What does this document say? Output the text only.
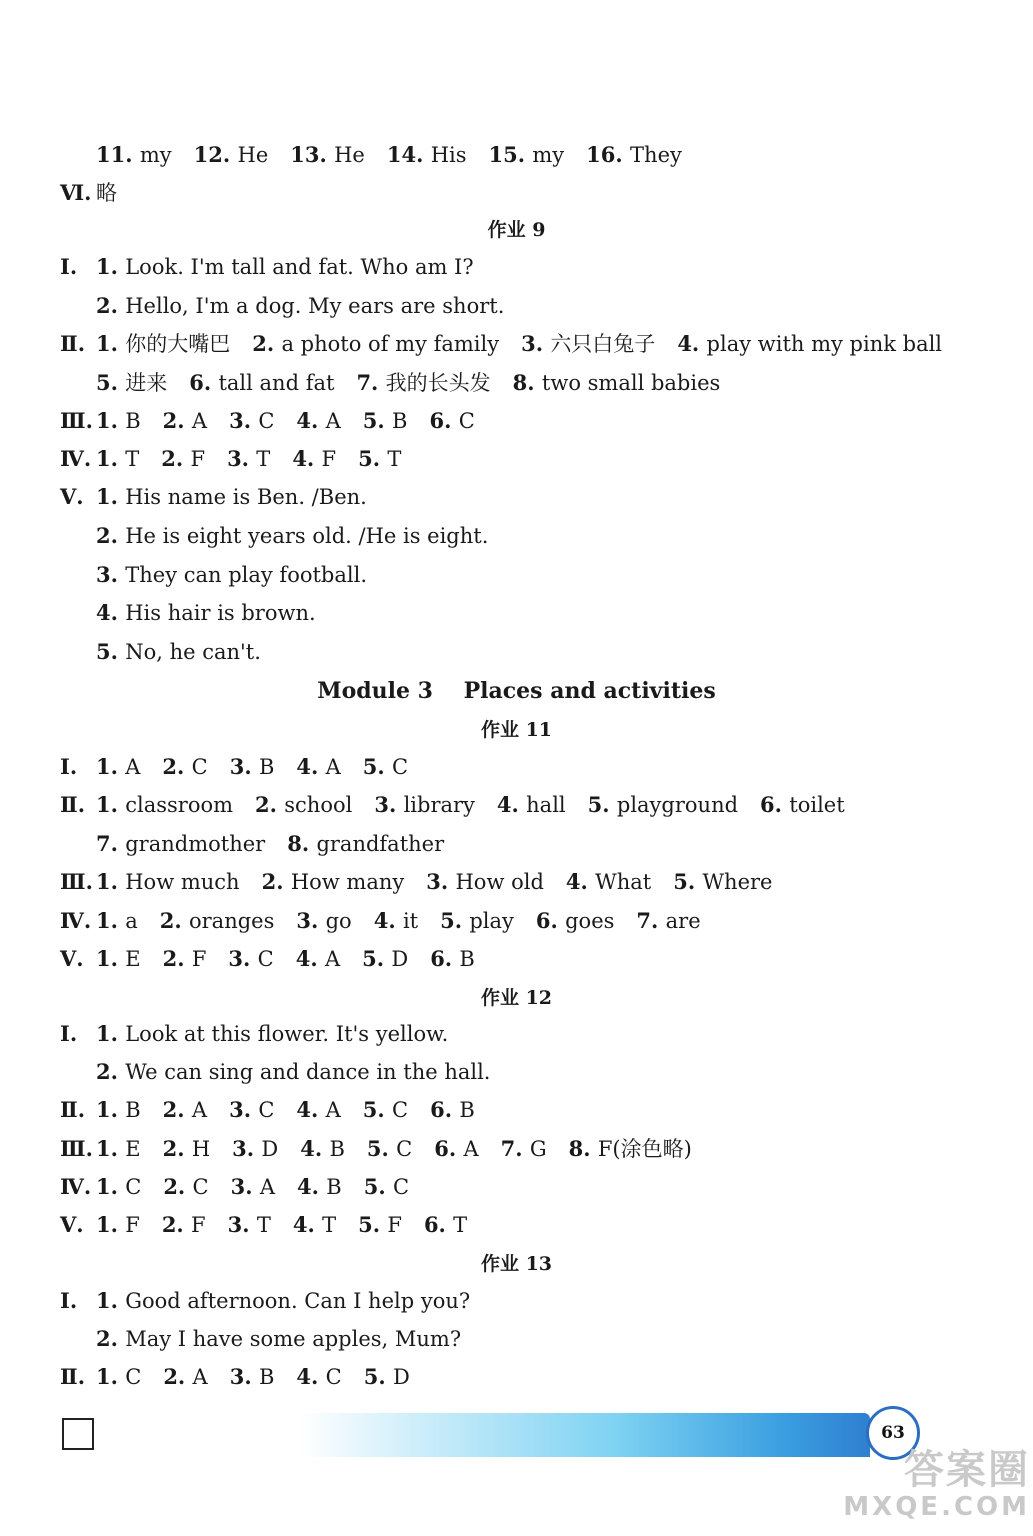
11. my 12. He 13. He 14. His 15. my 16. They
Ⅵ. 略
作业 9
Ⅰ. 1. Look. I'm tall and fat. Who am I?
2. Hello, I'm a dog. My ears are short.
Ⅱ. 1. 你的大嘴巴 2. a photo of my family 3. 六只白兔子 4. play with my pink ball
5. 进来 6. tall and fat 7. 我的长头发 8. two small babies
Ⅲ. 1. B 2. A 3. C 4. A 5. B 6. C
Ⅳ. 1. T 2. F 3. T 4. F 5. T
Ⅴ. 1. His name is Ben. /Ben.
2. He is eight years old. /He is eight.
3. They can play football.
4. His hair is brown.
5. No, he can't.
Module 3    Places and activities
作业 11
Ⅰ. 1. A 2. C 3. B 4. A 5. C
Ⅱ. 1. classroom 2. school 3. library 4. hall 5. playground 6. toilet
7. grandmother 8. grandfather
Ⅲ. 1. How much 2. How many 3. How old 4. What 5. Where
Ⅳ. 1. a 2. oranges 3. go 4. it 5. play 6. goes 7. are
Ⅴ. 1. E 2. F 3. C 4. A 5. D 6. B
作业 12
Ⅰ. 1. Look at this flower. It's yellow.
2. We can sing and dance in the hall.
Ⅱ. 1. B 2. A 3. C 4. A 5. C 6. B
Ⅲ. 1. E 2. H 3. D 4. B 5. C 6. A 7. G 8. F(涂色略)
Ⅳ. 1. C 2. C 3. A 4. B 5. C
Ⅴ. 1. F 2. F 3. T 4. T 5. F 6. T
作业 13
Ⅰ. 1. Good afternoon. Can I help you?
2. May I have some apples, Mum?
Ⅱ. 1. C 2. A 3. B 4. C 5. D
63
答案圈
MXQE.COM
